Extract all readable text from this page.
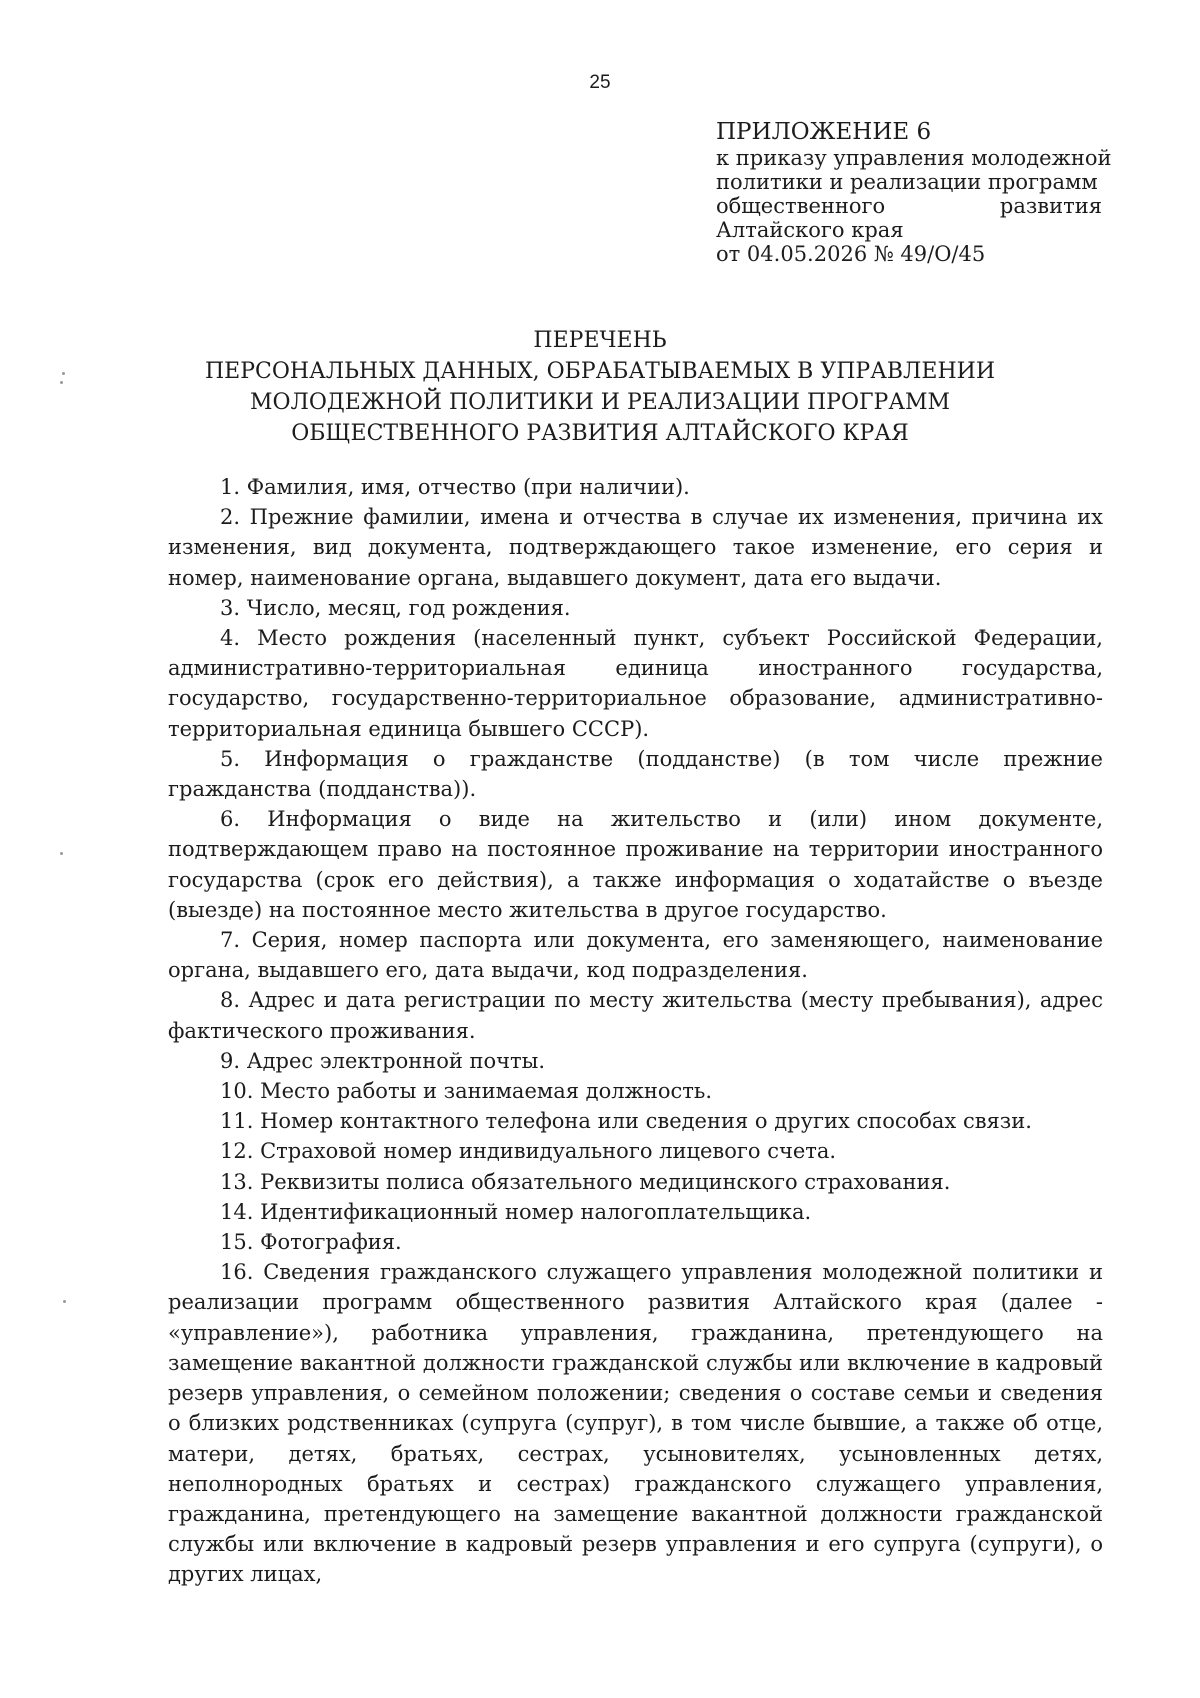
25
ПРИЛОЖЕНИЕ 6
к приказу управления молодежной
политики и реализации программ
общественного	развития
Алтайского края
от 04.05.2026 № 49/О/45
ПЕРЕЧЕНЬ
ПЕРСОНАЛЬНЫХ ДАННЫХ, ОБРАБАТЫВАЕМЫХ В УПРАВЛЕНИИ
МОЛОДЕЖНОЙ ПОЛИТИКИ И РЕАЛИЗАЦИИ ПРОГРАММ
ОБЩЕСТВЕННОГО РАЗВИТИЯ АЛТАЙСКОГО КРАЯ

1. Фамилия, имя, отчество (при наличии).

2. Прежние фамилии, имена и отчества в случае их изменения, причина их изменения, вид документа, подтверждающего такое изменение, его серия и номер, наименование органа, выдавшего документ, дата его выдачи.

3. Число, месяц, год рождения.

4. Место рождения (населенный пункт, субъект Российской Федерации, административно-территориальная единица иностранного государства, государство, государственно-территориальное образование, административно-территориальная единица бывшего СССР).

5. Информация о гражданстве (подданстве) (в том числе прежние гражданства (подданства)).

6. Информация о виде на жительство и (или) ином документе, подтверждающем право на постоянное проживание на территории иностранного государства (срок его действия), а также информация о ходатайстве о въезде (выезде) на постоянное место жительства в другое государство.

7. Серия, номер паспорта или документа, его заменяющего, наименование органа, выдавшего его, дата выдачи, код подразделения.

8. Адрес и дата регистрации по месту жительства (месту пребывания), адрес фактического проживания.

9. Адрес электронной почты.

10. Место работы и занимаемая должность.

11. Номер контактного телефона или сведения о других способах связи.

12. Страховой номер индивидуального лицевого счета.

13. Реквизиты полиса обязательного медицинского страхования.

14. Идентификационный номер налогоплательщика.

15. Фотография.

16. Сведения гражданского служащего управления молодежной политики и реализации программ общественного развития Алтайского края (далее - «управление»), работника управления, гражданина, претендующего на замещение вакантной должности гражданской службы или включение в кадровый резерв управления, о семейном положении; сведения о составе семьи и сведения о близких родственниках (супруга (супруг), в том числе бывшие, а также об отце, матери, детях, братьях, сестрах, усыновителях, усыновленных детях, неполнородных братьях и сестрах) гражданского служащего управления, гражданина, претендующего на замещение вакантной должности гражданской службы или включение в кадровый резерв управления и его супруга (супруги), о других лицах,
